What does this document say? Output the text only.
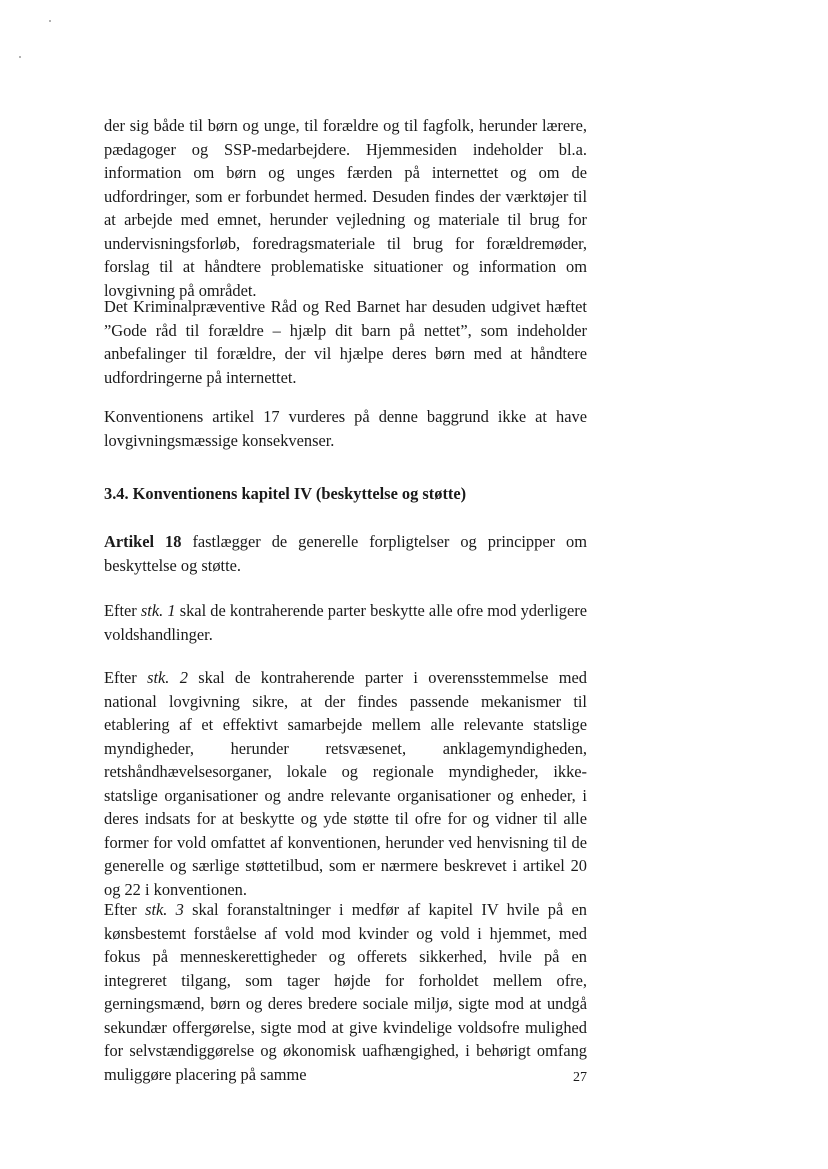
der sig både til børn og unge, til forældre og til fagfolk, herunder lærere, pædagoger og SSP-medarbejdere. Hjemmesiden indeholder bl.a. information om børn og unges færden på internettet og om de udfordringer, som er forbundet hermed. Desuden findes der værktøjer til at arbejde med emnet, herunder vejledning og materiale til brug for undervisningsforløb, foredragsmateriale til brug for forældremøder, forslag til at håndtere problematiske situationer og information om lovgivning på området.

Det Kriminalpræventive Råd og Red Barnet har desuden udgivet hæftet ”Gode råd til forældre – hjælp dit barn på nettet”, som indeholder anbefalinger til forældre, der vil hjælpe deres børn med at håndtere udfordringerne på internettet.

Konventionens artikel 17 vurderes på denne baggrund ikke at have lovgivningsmæssige konsekvenser.

3.4. Konventionens kapitel IV (beskyttelse og støtte)

Artikel 18 fastlægger de generelle forpligtelser og principper om beskyttelse og støtte.

Efter stk. 1 skal de kontraherende parter beskytte alle ofre mod yderligere voldshandlinger.

Efter stk. 2 skal de kontraherende parter i overensstemmelse med national lovgivning sikre, at der findes passende mekanismer til etablering af et effektivt samarbejde mellem alle relevante statslige myndigheder, herunder retsvæsenet, anklagemyndigheden, retshåndhævelsesorganer, lokale og regionale myndigheder, ikke-statslige organisationer og andre relevante organisationer og enheder, i deres indsats for at beskytte og yde støtte til ofre for og vidner til alle former for vold omfattet af konventionen, herunder ved henvisning til de generelle og særlige støttetilbud, som er nærmere beskrevet i artikel 20 og 22 i konventionen.

Efter stk. 3 skal foranstaltninger i medfør af kapitel IV hvile på en kønsbestemt forståelse af vold mod kvinder og vold i hjemmet, med fokus på menneskerettigheder og offerets sikkerhed, hvile på en integreret tilgang, som tager højde for forholdet mellem ofre, gerningsmænd, børn og deres bredere sociale miljø, sigte mod at undgå sekundær offergørelse, sigte mod at give kvindelige voldsofre mulighed for selvstændiggørelse og økonomisk uafhængighed, i behørigt omfang muliggøre placering på samme	27
